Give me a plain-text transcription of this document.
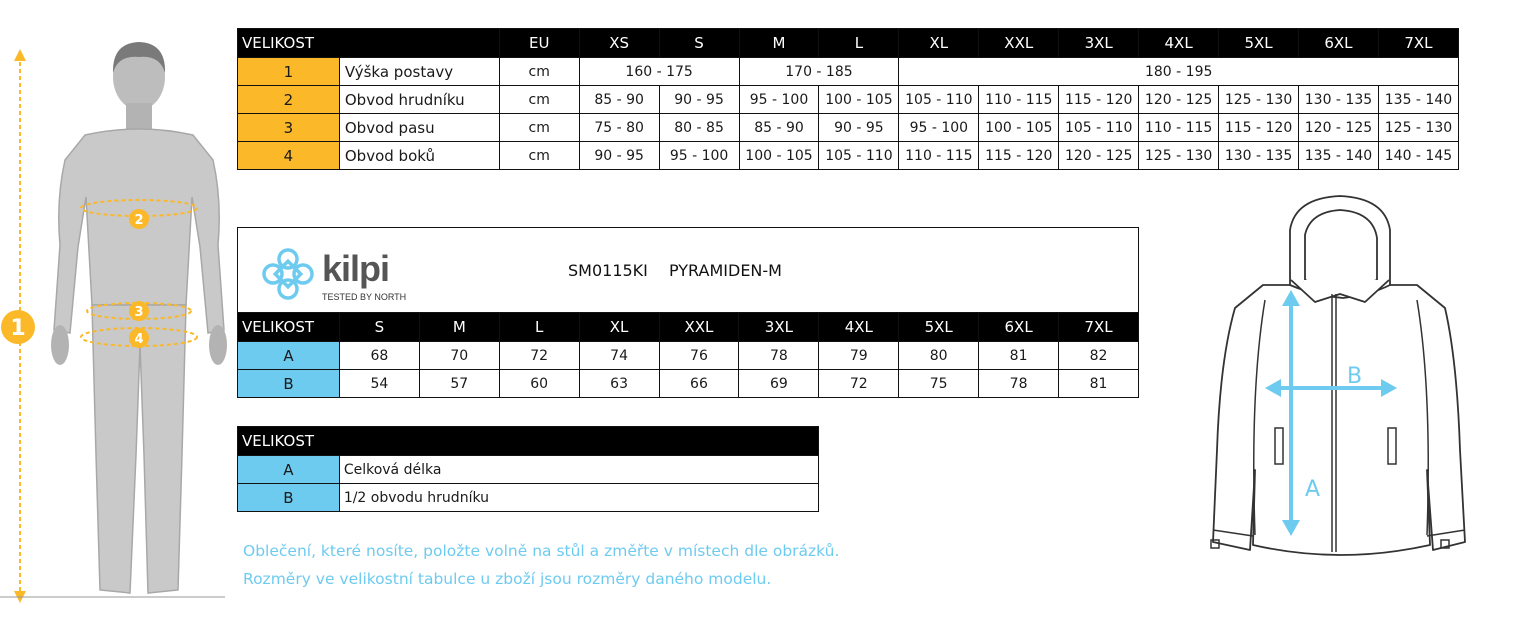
1
2
3
4
VELIKOST		EU	XS	S	M	L	XL	XXL	3XL	4XL	5XL	6XL	7XL
1	Výška postavy	cm	160 - 175		170 - 185		180 - 195						
2	Obvod hrudníku	cm	85 - 90	90 - 95	95 - 100	100 - 105	105 - 110	110 - 115	115 - 120	120 - 125	125 - 130	130 - 135	135 - 140
3	Obvod pasu	cm	75 - 80	80 - 85	85 - 90	90 - 95	95 - 100	100 - 105	105 - 110	110 - 115	115 - 120	120 - 125	125 - 130
4	Obvod boků	cm	90 - 95	95 - 100	100 - 105	105 - 110	110 - 115	115 - 120	120 - 125	125 - 130	130 - 135	135 - 140	140 - 145
kilpi
TESTED BY NORTH
SM0115KI PYRAMIDEN-M										

VELIKOST	S	M	L	XL	XXL	3XL	4XL	5XL	6XL	7XL
A	68	70	72	74	76	78	79	80	81	82
B	54	57	60	63	66	69	72	75	78	81
VELIKOST	
A	Celková délka
B	1/2 obvodu hrudníku
Oblečení, které nosíte, položte volně na stůl a změřte v místech dle obrázků.
Rozměry ve velikostní tabulce u zboží jsou rozměry daného modelu.
A
B
